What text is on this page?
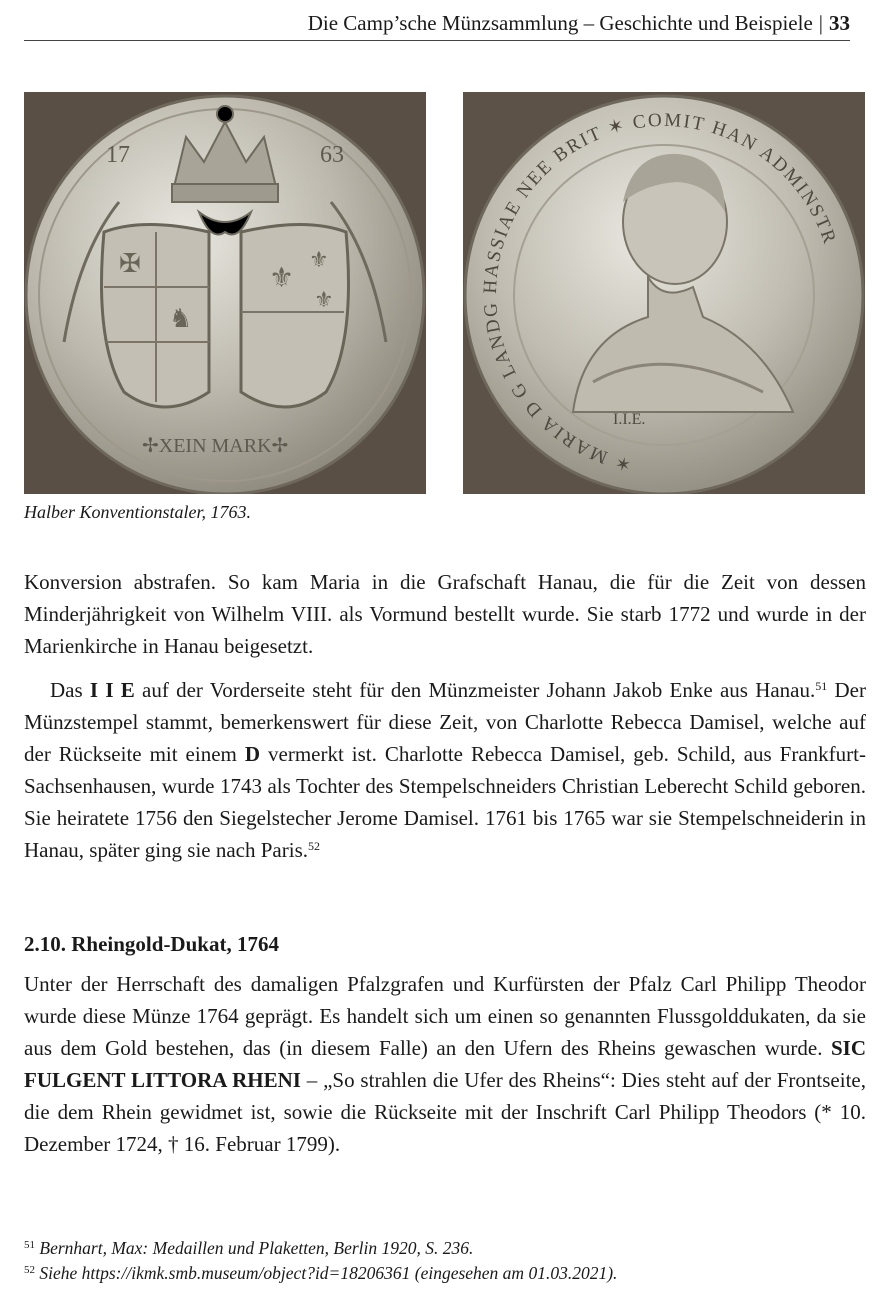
Die Camp’sche Münzsammlung – Geschichte und Beispiele | 33
⚜
⚜
⚜
✠
♞
17	63
✢XEIN MARK✢
✶ MARIA D G LANDG HASSIAE NEE BRIT ✶ COMIT HAN ADMINSTR
I.I.E.
Halber Konventionstaler, 1763.

Konversion abstrafen. So kam Maria in die Grafschaft Hanau, die für die Zeit von dessen Minderjährigkeit von Wilhelm VIII. als Vormund bestellt wurde. Sie starb 1772 und wurde in der Marienkirche in Hanau beigesetzt.

Das I I E auf der Vorderseite steht für den Münzmeister Johann Jakob Enke aus Hanau.$^{51}$ Der Münzstempel stammt, bemerkenswert für diese Zeit, von Charlotte Rebecca Damisel, welche auf der Rückseite mit einem D vermerkt ist. Charlotte Rebecca Damisel, geb. Schild, aus Frankfurt-Sachsenhausen, wurde 1743 als Tochter des Stempelschneiders Christian Leberecht Schild geboren. Sie heiratete 1756 den Siegelstecher Jerome Damisel. 1761 bis 1765 war sie Stempelschneiderin in Hanau, später ging sie nach Paris.$^{52}$

2.10. Rheingold-Dukat, 1764

Unter der Herrschaft des damaligen Pfalzgrafen und Kurfürsten der Pfalz Carl Philipp Theodor wurde diese Münze 1764 geprägt. Es handelt sich um einen so genannten Flussgolddukaten, da sie aus dem Gold bestehen, das (in diesem Falle) an den Ufern des Rheins gewaschen wurde. SIC FULGENT LITTORA RHENI – „So strahlen die Ufer des Rheins“: Dies steht auf der Frontseite, die dem Rhein gewidmet ist, sowie die Rückseite mit der Inschrift Carl Philipp Theodors (* 10. Dezember 1724, † 16. Februar 1799).

$^{51}$ Bernhart, Max: Medaillen und Plaketten, Berlin 1920, S. 236.

$^{52}$ Siehe https://ikmk.smb.museum/object?id=18206361 (eingesehen am 01.03.2021).
